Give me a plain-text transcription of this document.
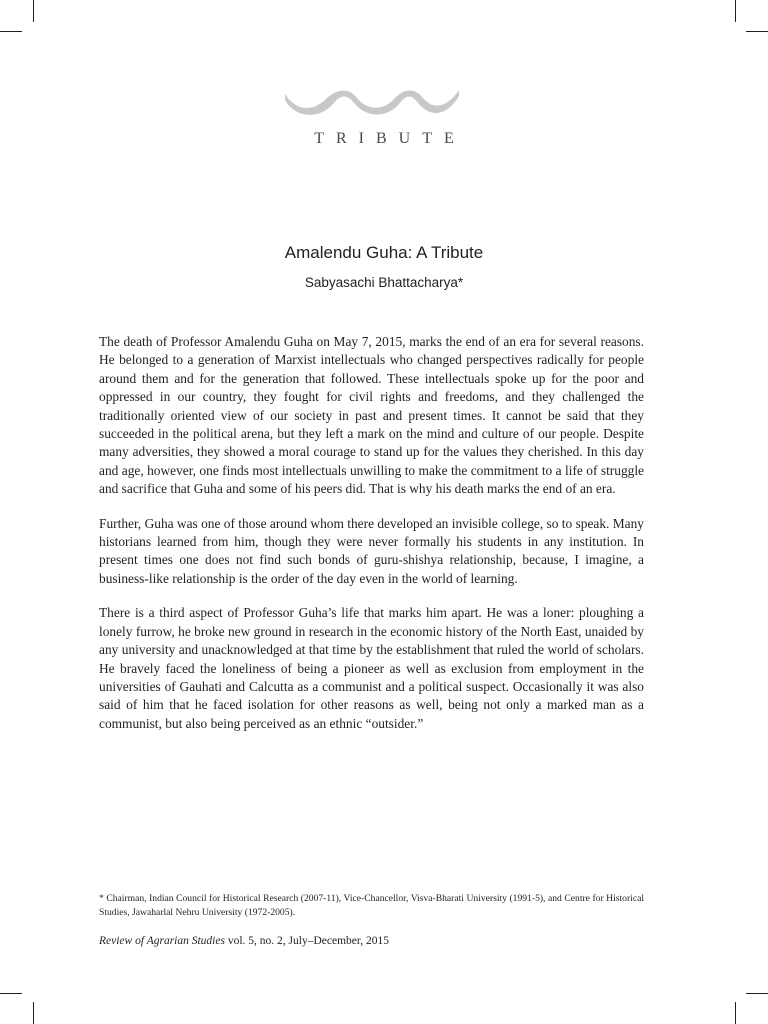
TRIBUTE
Amalendu Guha: A Tribute
Sabyasachi Bhattacharya*

The death of Professor Amalendu Guha on May 7, 2015, marks the end of an era for several reasons. He belonged to a generation of Marxist intellectuals who changed perspectives radically for people around them and for the generation that followed. These intellectuals spoke up for the poor and oppressed in our country, they fought for civil rights and freedoms, and they challenged the traditionally oriented view of our society in past and present times. It cannot be said that they succeeded in the political arena, but they left a mark on the mind and culture of our people. Despite many adversities, they showed a moral courage to stand up for the values they cherished. In this day and age, however, one finds most intellectuals unwilling to make the commitment to a life of struggle and sacrifice that Guha and some of his peers did. That is why his death marks the end of an era.

Further, Guha was one of those around whom there developed an invisible college, so to speak. Many historians learned from him, though they were never formally his students in any institution. In present times one does not find such bonds of guru-shishya relationship, because, I imagine, a business-like relationship is the order of the day even in the world of learning.

There is a third aspect of Professor Guha’s life that marks him apart. He was a loner: ploughing a lonely furrow, he broke new ground in research in the economic history of the North East, unaided by any university and unacknowledged at that time by the establishment that ruled the world of scholars. He bravely faced the loneliness of being a pioneer as well as exclusion from employment in the universities of Gauhati and Calcutta as a communist and a political suspect. Occasionally it was also said of him that he faced isolation for other reasons as well, being not only a marked man as a communist, but also being perceived as an ethnic “outsider.”

* Chairman, Indian Council for Historical Research (2007-11), Vice-Chancellor, Visva-Bharati University (1991-5), and Centre for Historical Studies, Jawaharlal Nehru University (1972-2005).
Review of Agrarian Studies vol. 5, no. 2, July–December, 2015
